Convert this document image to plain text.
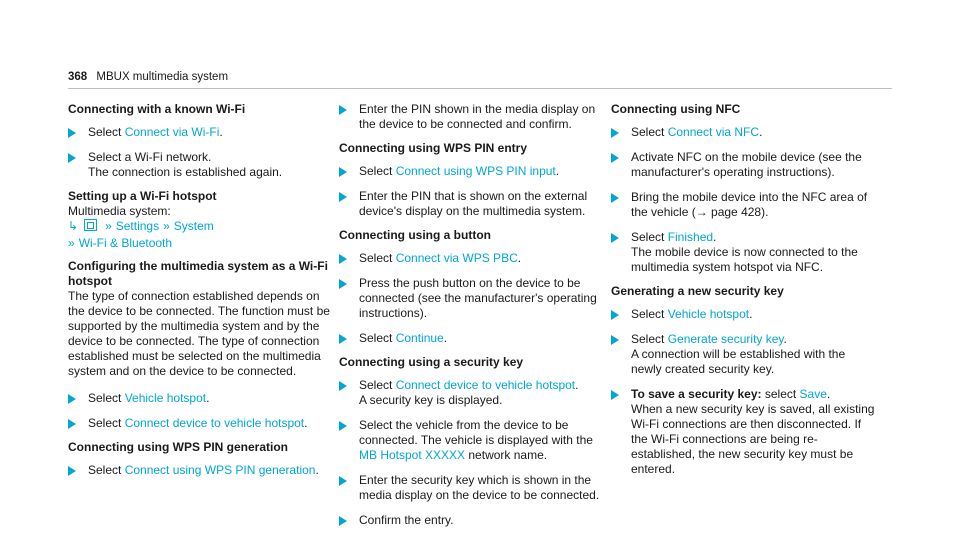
368 MBUX multimedia system
Connecting with a known Wi-Fi
Select Connect via Wi-Fi.
Select a Wi-Fi network.
The connection is established again.
Setting up a Wi-Fi hotspot
Multimedia system:
↳ » Settings » System
» Wi-Fi & Bluetooth
Configuring the multimedia system as a Wi-Fi hotspot
The type of connection established depends on the device to be connected. The function must be supported by the multimedia system and by the device to be connected. The type of connection established must be selected on the multimedia system and on the device to be connected.
Select Vehicle hotspot.
Select Connect device to vehicle hotspot.
Connecting using WPS PIN generation
Select Connect using WPS PIN generation.
Enter the PIN shown in the media display on the device to be connected and confirm.
Connecting using WPS PIN entry
Select Connect using WPS PIN input.
Enter the PIN that is shown on the external device's display on the multimedia system.
Connecting using a button
Select Connect via WPS PBC.
Press the push button on the device to be connected (see the manufacturer's operating instructions).
Select Continue.
Connecting using a security key
Select Connect device to vehicle hotspot.
A security key is displayed.
Select the vehicle from the device to be connected. The vehicle is displayed with the MB Hotspot XXXXX network name.
Enter the security key which is shown in the media display on the device to be connected.
Confirm the entry.
Connecting using NFC
Select Connect via NFC.
Activate NFC on the mobile device (see the manufacturer's operating instructions).
Bring the mobile device into the NFC area of the vehicle (→ page 428).
Select Finished.
The mobile device is now connected to the multimedia system hotspot via NFC.
Generating a new security key
Select Vehicle hotspot.
Select Generate security key.
A connection will be established with the newly created security key.
To save a security key: select Save.
When a new security key is saved, all existing Wi-Fi connections are then disconnected. If the Wi-Fi connections are being re-established, the new security key must be entered.
